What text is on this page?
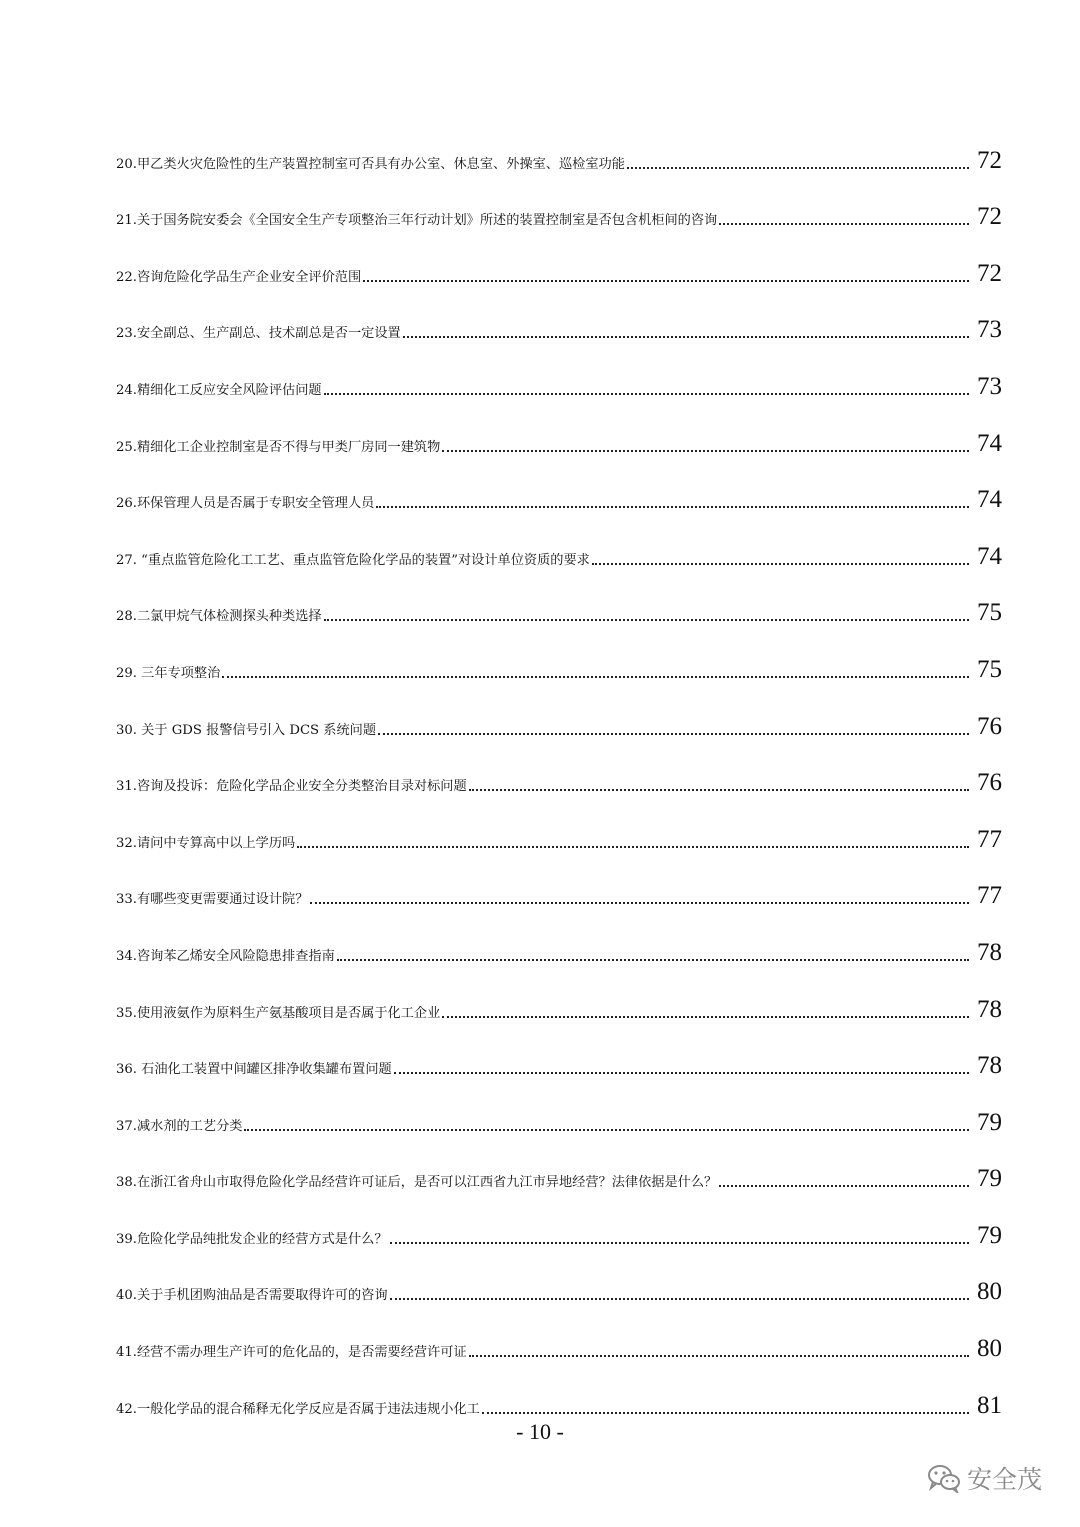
20.甲乙类火灾危险性的生产装置控制室可否具有办公室、休息室、外操室、巡检室功能	72
21.关于国务院安委会《全国安全生产专项整治三年行动计划》所述的装置控制室是否包含机柜间的咨询	72
22.咨询危险化学品生产企业安全评价范围	72
23.安全副总、生产副总、技术副总是否一定设置	73
24.精细化工反应安全风险评估问题	73
25.精细化工企业控制室是否不得与甲类厂房同一建筑物	74
26.环保管理人员是否属于专职安全管理人员	74
27. “重点监管危险化工工艺、重点监管危险化学品的装置”对设计单位资质的要求	74
28.二氯甲烷气体检测探头种类选择	75
29. 三年专项整治	75
30. 关于 GDS 报警信号引入 DCS 系统问题	76
31.咨询及投诉：危险化学品企业安全分类整治目录对标问题	76
32.请问中专算高中以上学历吗	77
33.有哪些变更需要通过设计院？	77
34.咨询苯乙烯安全风险隐患排查指南	78
35.使用液氨作为原料生产氨基酸项目是否属于化工企业	78
36. 石油化工装置中间罐区排净收集罐布置问题	78
37.减水剂的工艺分类	79
38.在浙江省舟山市取得危险化学品经营许可证后，是否可以江西省九江市异地经营？法律依据是什么？	79
39.危险化学品纯批发企业的经营方式是什么？	79
40.关于手机团购油品是否需要取得许可的咨询	80
41.经营不需办理生产许可的危化品的，是否需要经营许可证	80
42.一般化学品的混合稀释无化学反应是否属于违法违规小化工	81
- 10 -
安全茂
